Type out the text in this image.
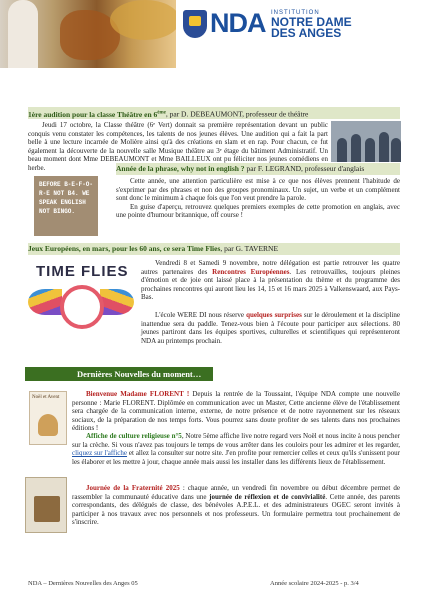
NDA INSTITUTION
NOTRE DAME
DES ANGES
1ère audition pour la classe Théâtre en 6ème, par D. DEBEAUMONT, professeur de théâtre
Jeudi 17 octobre, la Classe théâtre (6ᵉ Vert) donnait sa première représentation devant un public conquis venu constater les compétences, les talents de nos jeunes élèves. Une audition qui a fait la part belle à une lecture incarnée de Molière ainsi qu'à des créations en slam et en rap. Pour chacun, ce fut également la découverte de la nouvelle salle Musique théâtre au 3ᵉ étage du bâtiment Administratif. Un beau moment dont Mme DEBEAUMONT et Mme BAILLEUX ont pu féliciter nos jeunes comédiens en herbe.
BEFORE B-E-F-O-R-E NOT B4. WE SPEAK ENGLISH NOT BINGO.
Année de la phrase, why not in english ? par F. LEGRAND, professeur d'anglais

Cette année, une attention particulière est mise à ce que nos élèves prennent l'habitude de s'exprimer par des phrases et non des groupes pronominaux. Un sujet, un verbe et un complément sont donc le minimum à chaque fois que l'on veut prendre la parole.

En guise d'aperçu, retrouvez quelques premiers exemples de cette promotion en anglais, avec une pointe d'humour britannique, off course !

Jeux Européens, en mars, pour les 60 ans, ce sera Time Flies, par G. TAVERNE
TIME FLIES	Vendredi 8 et Samedi 9 novembre, notre délégation est partie retrouver les quatre autres partenaires des Rencontres Européennes. Les retrouvailles, toujours pleines d'émotion et de joie ont laissé place à la présentation du thème et du programme des prochaines rencontres qui auront lieu les 14, 15 et 16 mars 2025 à Valkenswaard, aux Pays-Bas.
L'école WERE DI nous réserve quelques surprises sur le déroulement et la discipline inattendue sera du paddle. Tenez-vous bien à l'écoute pour participer aux sélections. 80 jeunes partiront dans les équipes sportives, culturelles et scientifiques qui représenteront NDA au printemps prochain.
Dernières Nouvelles du moment…
Noël et Avent	Bienvenue Madame FLORENT ! Depuis la rentrée de la Toussaint, l'équipe NDA compte une nouvelle personne : Marie FLORENT. Diplômée en communication avec un Master, Cette ancienne élève de l'établissement sera chargée de la communication interne, externe, de notre présence et de notre rayonnement sur les réseaux sociaux, de la préparation de nos temps forts. Vous pourrez sans doute profiter de ses talents dans nos prochaines éditions !
Affiche de culture religieuse n°5, Notre 5ème affiche live notre regard vers Noël et nous incite à nous pencher sur la crèche. Si vous n'avez pas toujours le temps de vous arrêter dans les couloirs pour les admirer et les regarder, cliquez sur l'affiche et allez la consulter sur notre site. J'en profite pour remercier celles et ceux qu'ils s'unissent pour les élaborer et les mettre à jour, chaque année mais aussi les installer dans les différents lieux de l'établissement.
Journée de la Fraternité 2025 : chaque année, un vendredi fin novembre ou début décembre permet de rassembler la communauté éducative dans une journée de réflexion et de convivialité. Cette année, des parents correspondants, des délégués de classe, des bénévoles A.P.E.L. et des administrateurs OGEC seront invités à participer à nos travaux avec nos personnels et nos professeurs. Un formulaire permettra tout prochainement de s'inscrire.
NDA – Dernières Nouvelles des Anges 05	Année scolaire 2024-2025 - p. 3/4
